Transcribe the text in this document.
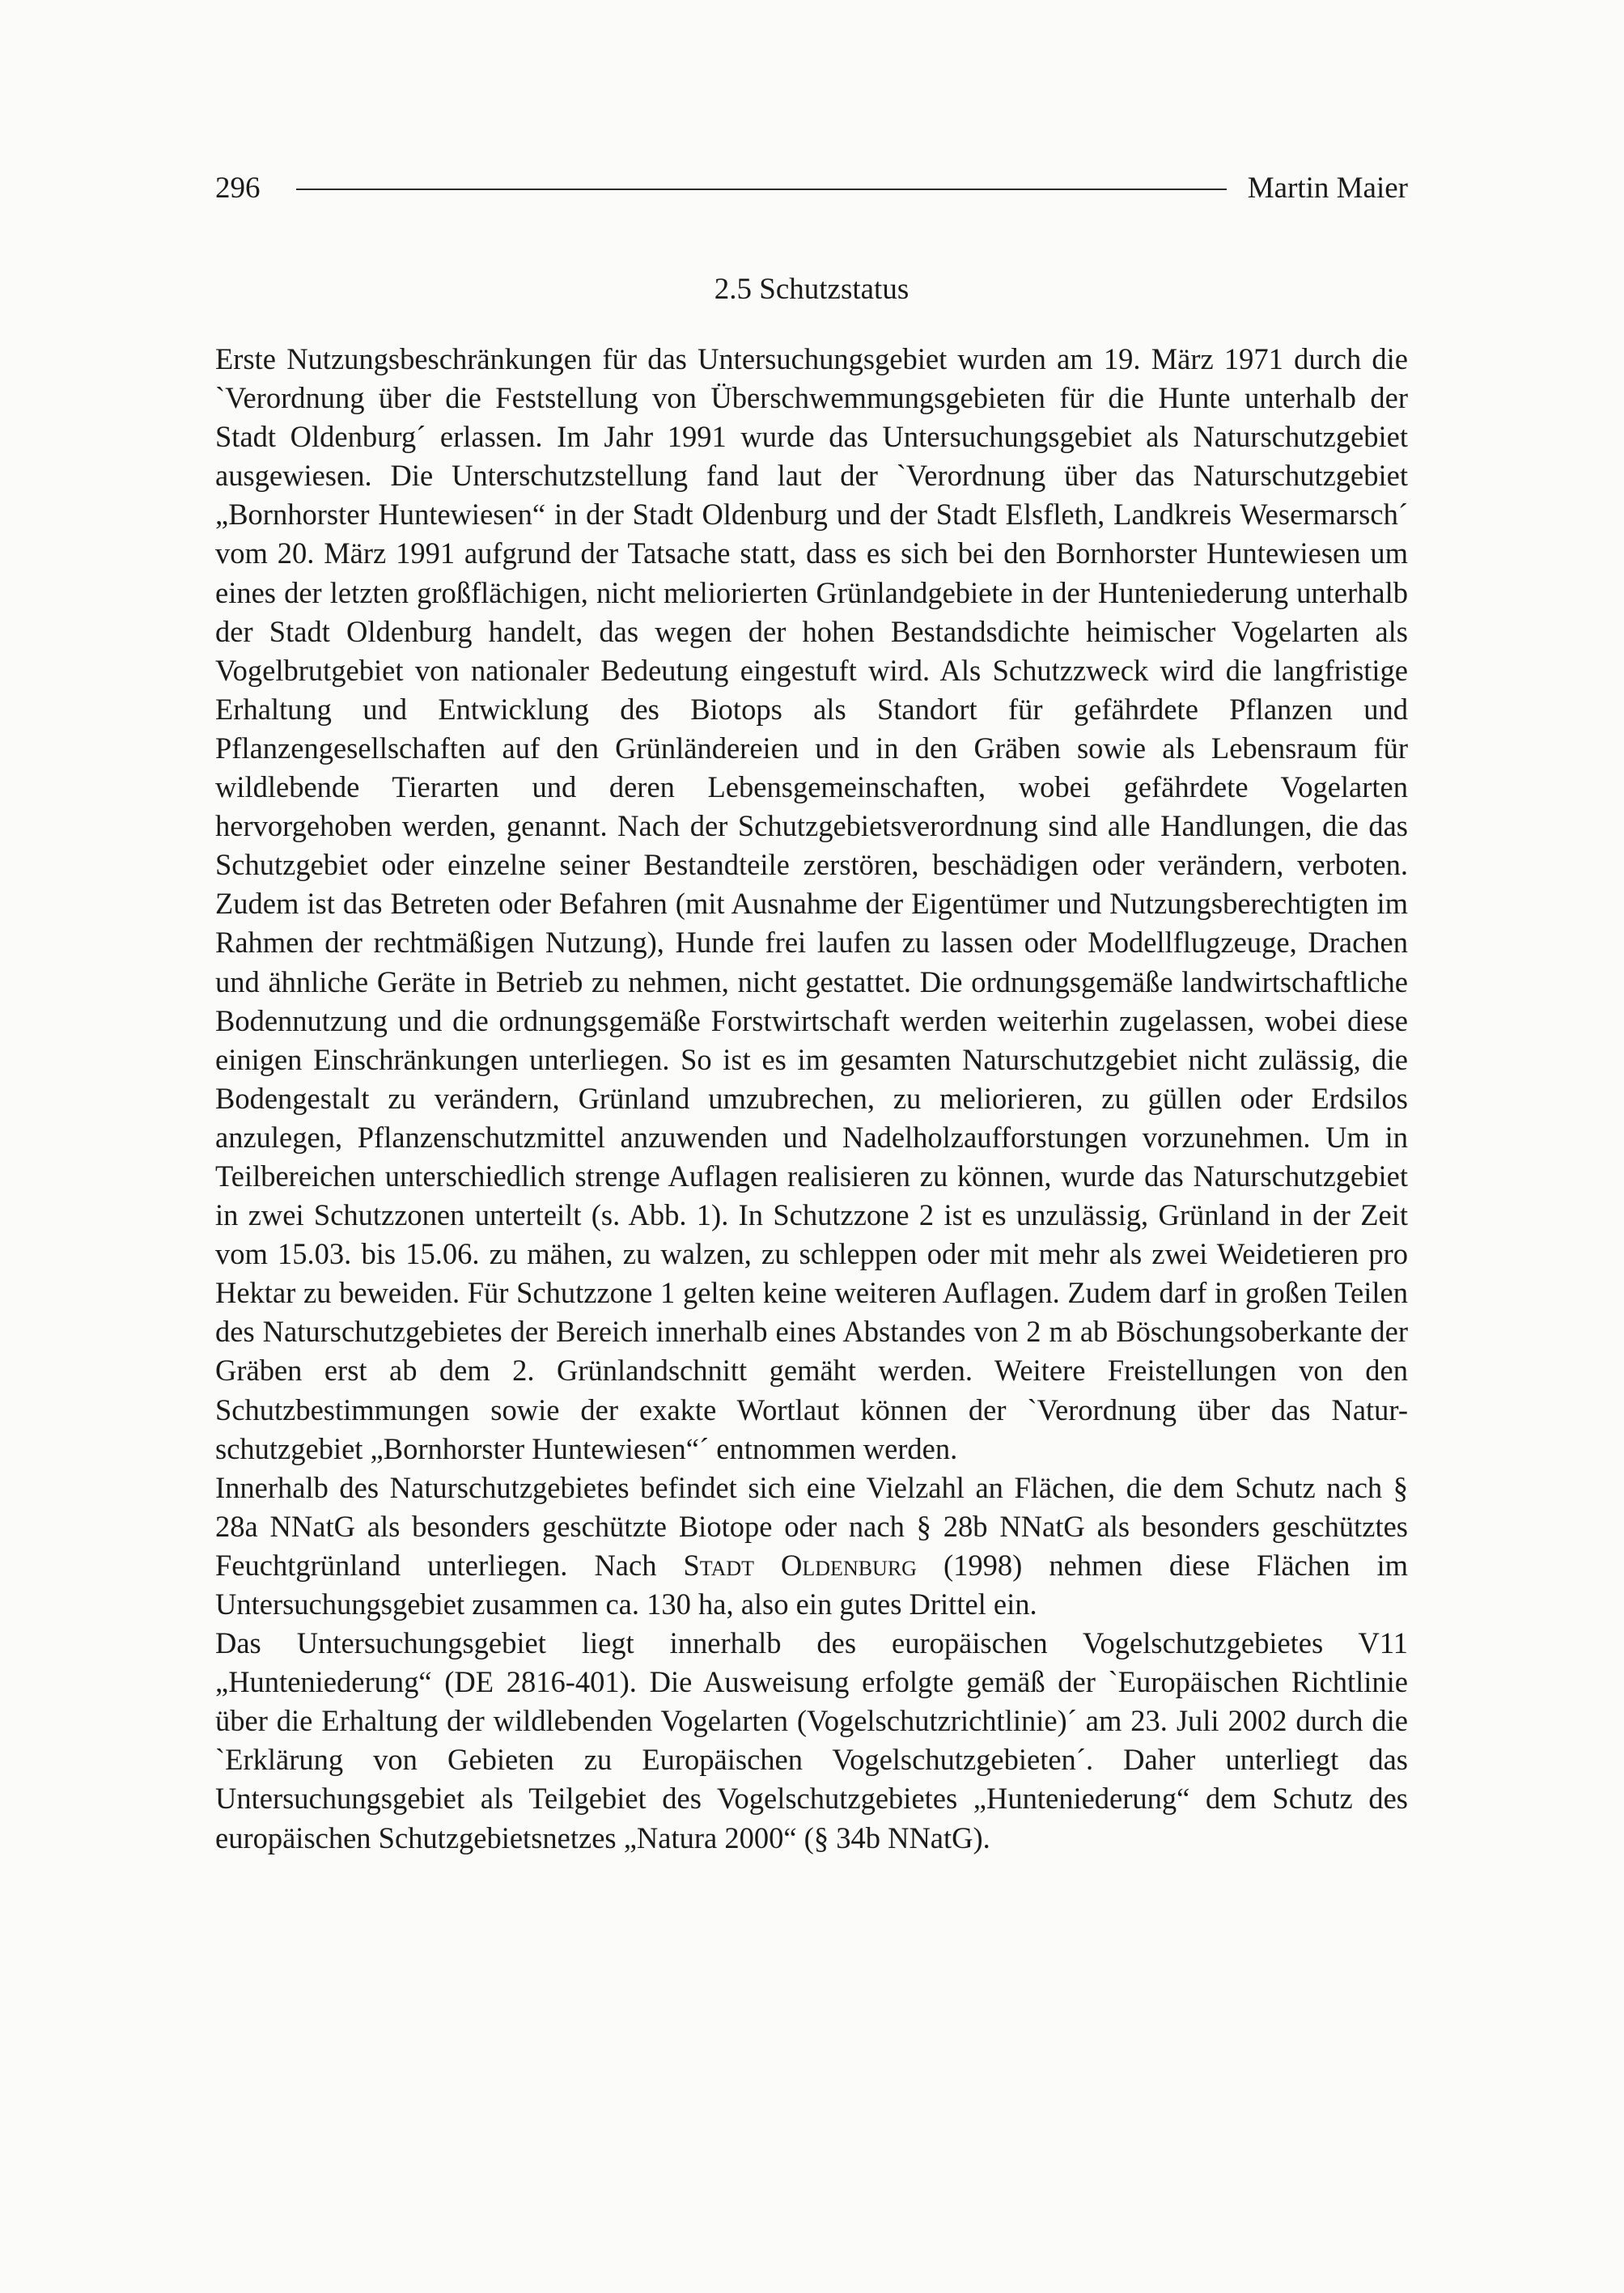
296	Martin Maier
2.5 Schutzstatus

Erste Nutzungsbeschränkungen für das Untersuchungsgebiet wurden am 19. März 1971 durch die `Verordnung über die Feststellung von Überschwemmungsgebieten für die Hunte unterhalb der Stadt Oldenburg´ erlassen. Im Jahr 1991 wurde das Untersuchungsgebiet als Naturschutzgebiet ausgewiesen. Die Unterschutzstellung fand laut der `Verordnung über das Naturschutzgebiet „Bornhorster Huntewiesen“ in der Stadt Oldenburg und der Stadt Elsfleth, Landkreis Wesermarsch´ vom 20. März 1991 aufgrund der Tatsache statt, dass es sich bei den Bornhorster Huntewiesen um eines der letzten großflächigen, nicht meliorierten Grünlandgebiete in der Hunteniederung unterhalb der Stadt Oldenburg handelt, das wegen der hohen Bestandsdichte heimischer Vogelarten als Vogelbrutgebiet von nationaler Bedeutung eingestuft wird. Als Schutzzweck wird die langfristige Erhaltung und Entwicklung des Biotops als Standort für gefährdete Pflanzen und Pflanzengesellschaften auf den Grünländereien und in den Gräben sowie als Lebensraum für wildlebende Tierarten und deren Lebensgemeinschaften, wobei gefährdete Vogelarten hervorgehoben werden, genannt. Nach der Schutzgebietsverordnung sind alle Handlungen, die das Schutzgebiet oder einzelne seiner Bestandteile zerstören, beschädigen oder verändern, verboten. Zudem ist das Betreten oder Befahren (mit Ausnahme der Eigentümer und Nutzungsberechtigten im Rahmen der rechtmäßigen Nutzung), Hunde frei laufen zu lassen oder Modellflugzeuge, Drachen und ähnliche Geräte in Betrieb zu nehmen, nicht gestattet. Die ordnungsgemäße landwirtschaftliche Bodennutzung und die ordnungsgemäße Forstwirtschaft werden weiterhin zugelassen, wobei diese einigen Einschränkungen unterliegen. So ist es im gesamten Naturschutzgebiet nicht zulässig, die Bodengestalt zu verändern, Grünland umzubrechen, zu meliorieren, zu güllen oder Erdsilos anzulegen, Pflanzenschutzmittel anzuwenden und Nadelholzaufforstungen vorzunehmen. Um in Teilbereichen unterschiedlich strenge Auflagen realisieren zu können, wurde das Naturschutzgebiet in zwei Schutzzonen unterteilt (s. Abb. 1). In Schutzzone 2 ist es unzulässig, Grünland in der Zeit vom 15.03. bis 15.06. zu mähen, zu walzen, zu schleppen oder mit mehr als zwei Weidetieren pro Hektar zu beweiden. Für Schutzzone 1 gelten keine weiteren Auflagen. Zudem darf in großen Teilen des Naturschutzgebietes der Bereich innerhalb eines Abstandes von 2 m ab Böschungsoberkante der Gräben erst ab dem 2. Grünlandschnitt gemäht werden. Weitere Freistellungen von den Schutzbestimmungen sowie der exakte Wortlaut können der `Verordnung über das Natur-schutzgebiet „Bornhorster Huntewiesen“´ entnommen werden.

Innerhalb des Naturschutzgebietes befindet sich eine Vielzahl an Flächen, die dem Schutz nach § 28a NNatG als besonders geschützte Biotope oder nach § 28b NNatG als besonders geschütztes Feuchtgrünland unterliegen. Nach Stadt Oldenburg (1998) nehmen diese Flächen im Untersuchungsgebiet zusammen ca. 130 ha, also ein gutes Drittel ein.

Das Untersuchungsgebiet liegt innerhalb des europäischen Vogelschutzgebietes V11 „Hunteniederung“ (DE 2816-401). Die Ausweisung erfolgte gemäß der `Europäischen Richtlinie über die Erhaltung der wildlebenden Vogelarten (Vogelschutzrichtlinie)´ am 23. Juli 2002 durch die `Erklärung von Gebieten zu Europäischen Vogelschutzgebieten´. Daher unterliegt das Untersuchungsgebiet als Teilgebiet des Vogelschutzgebietes „Hunteniederung“ dem Schutz des europäischen Schutzgebietsnetzes „Natura 2000“ (§ 34b NNatG).
